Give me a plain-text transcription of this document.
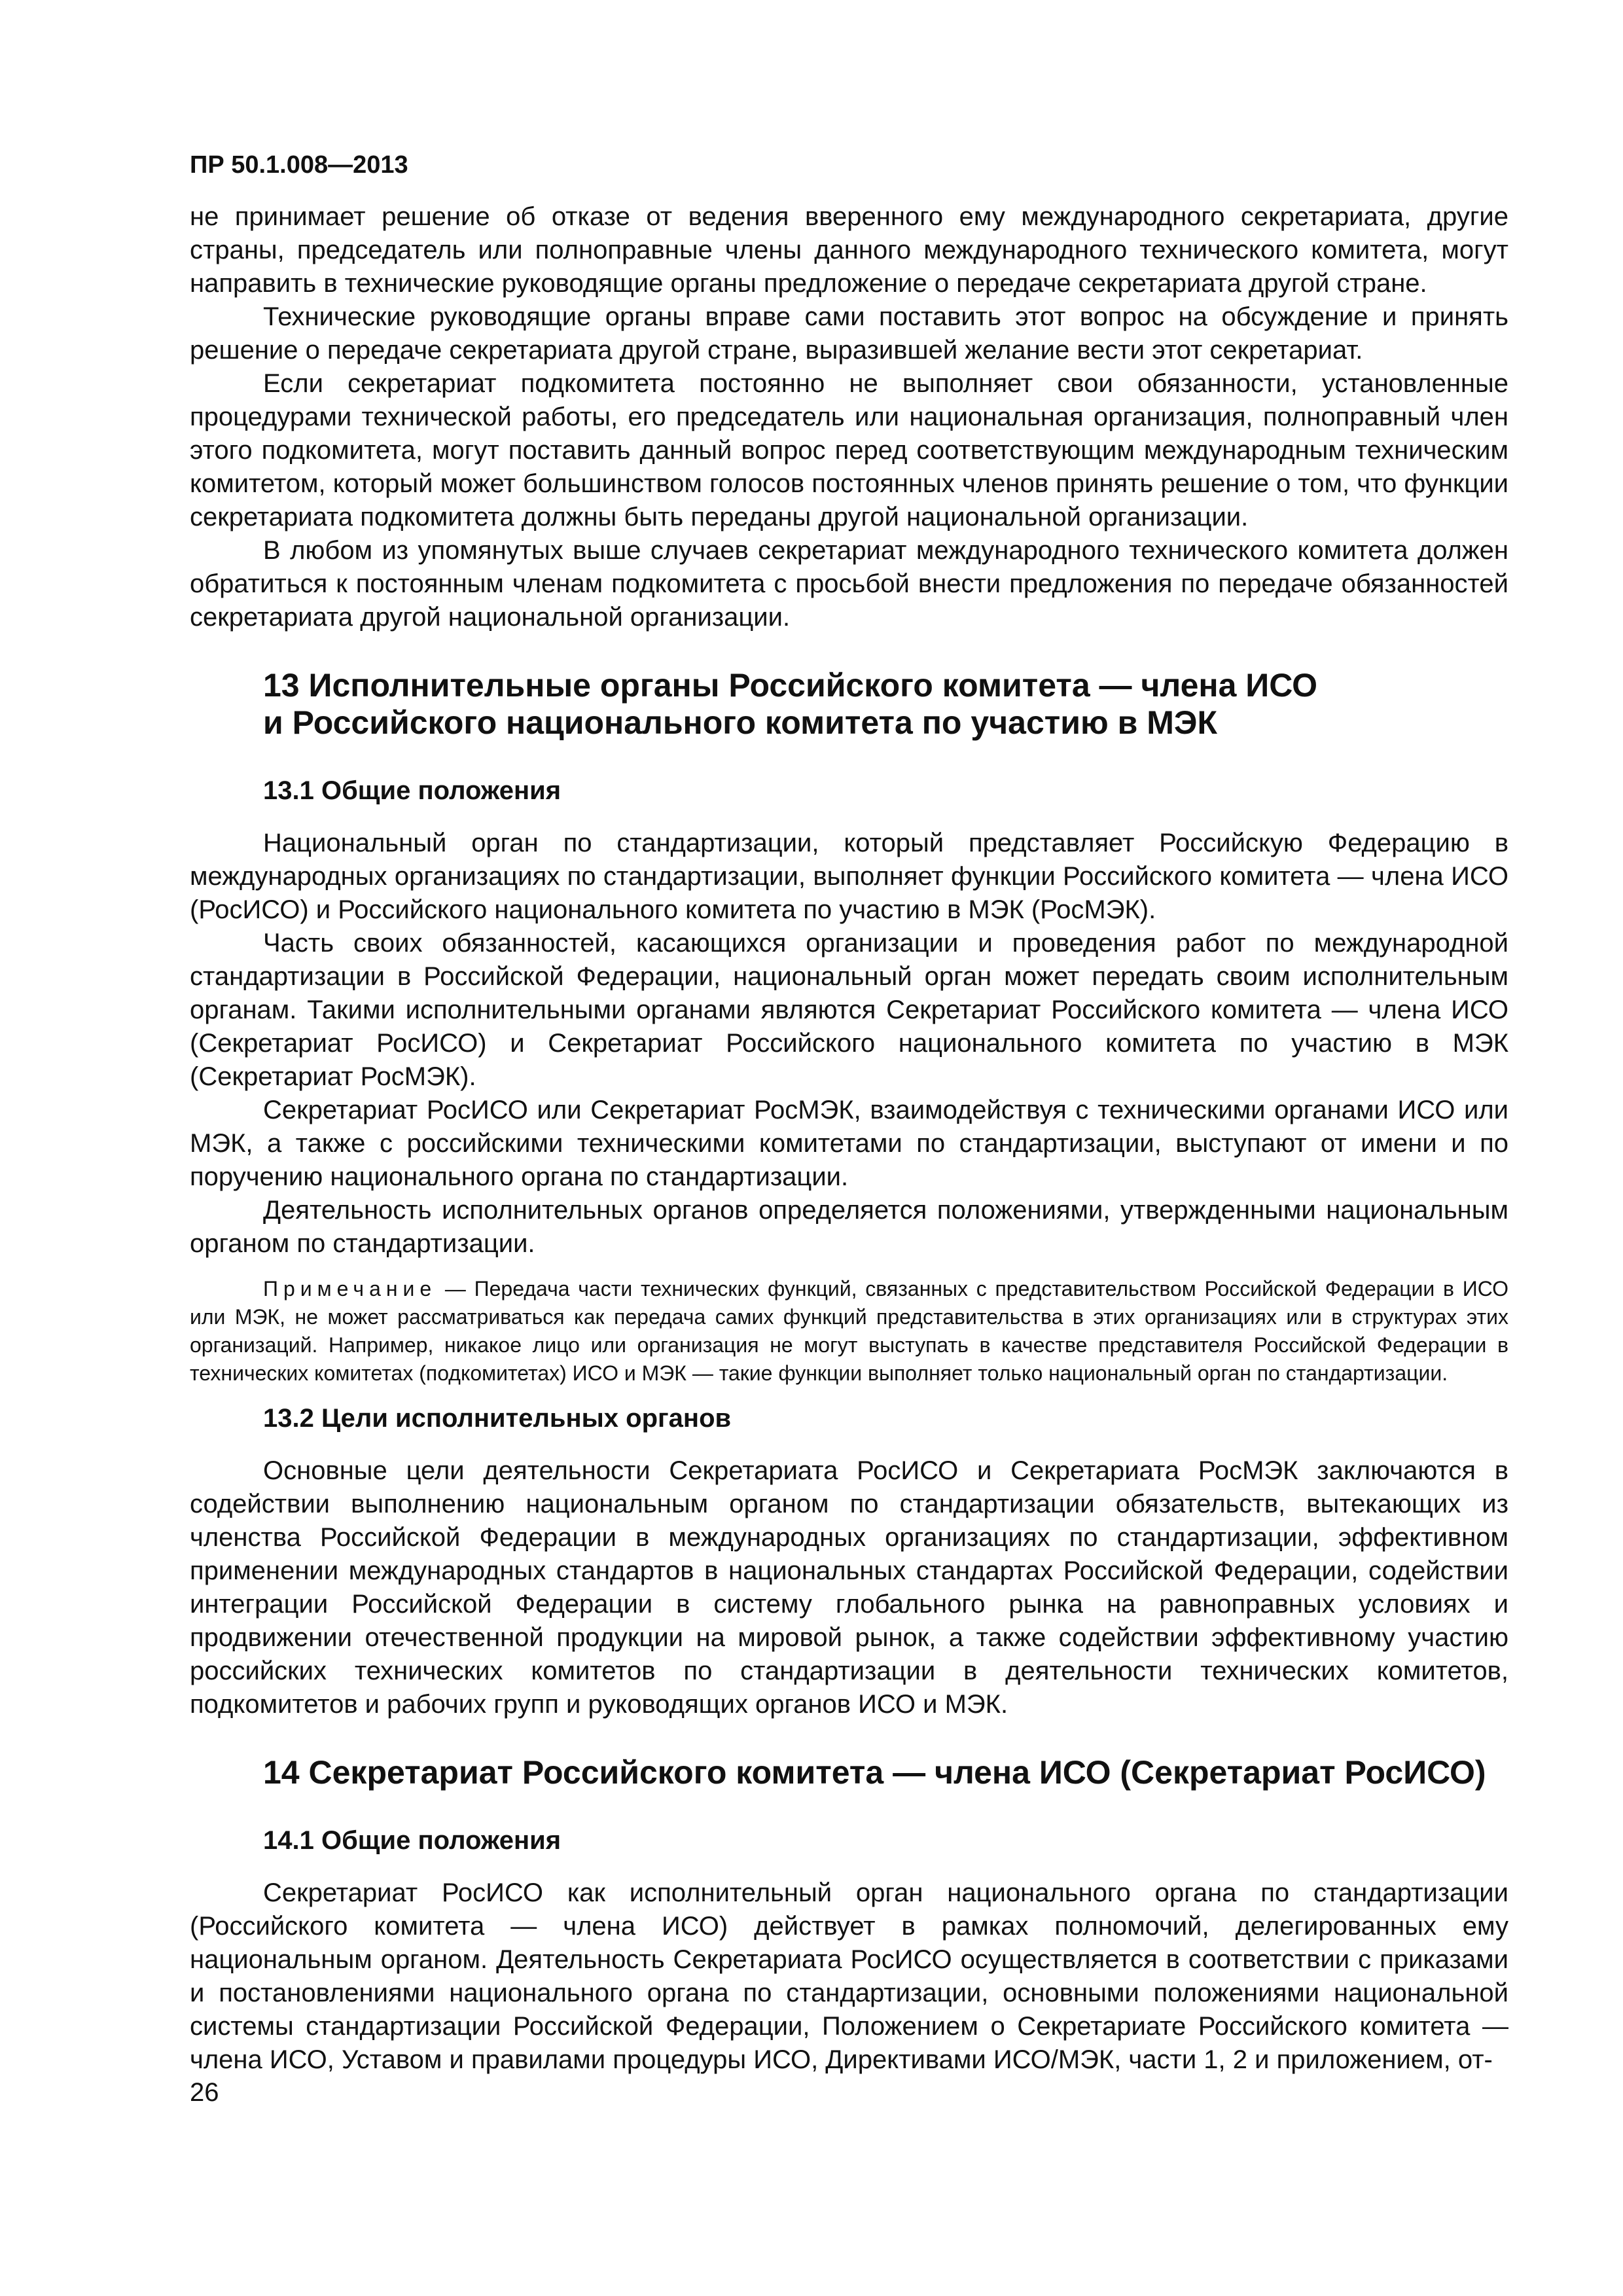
ПР 50.1.008—2013

не принимает решение об отказе от ведения вверенного ему международного секретариата, другие страны, председатель или полноправные члены данного международного технического комитета, могут направить в технические руководящие органы предложение о передаче секретариата другой стране.

Технические руководящие органы вправе сами поставить этот вопрос на обсуждение и принять решение о передаче секретариата другой стране, выразившей желание вести этот секретариат.

Если секретариат подкомитета постоянно не выполняет свои обязанности, установленные процедурами технической работы, его председатель или национальная организация, полноправный член этого подкомитета, могут поставить данный вопрос перед соответствующим международным техническим комитетом, который может большинством голосов постоянных членов принять решение о том, что функции секретариата подкомитета должны быть переданы другой национальной организации.

В любом из упомянутых выше случаев секретариат международного технического комитета должен обратиться к постоянным членам подкомитета с просьбой внести предложения по передаче обязанностей секретариата другой национальной организации.

13 Исполнительные органы Российского комитета — члена ИСО
и Российского национального комитета по участию в МЭК
13.1 Общие положения

Национальный орган по стандартизации, который представляет Российскую Федерацию в международных организациях по стандартизации, выполняет функции Российского комитета — члена ИСО (РосИСО) и Российского национального комитета по участию в МЭК (РосМЭК).

Часть своих обязанностей, касающихся организации и проведения работ по международной стандартизации в Российской Федерации, национальный орган может передать своим исполнительным органам. Такими исполнительными органами являются Секретариат Российского комитета — члена ИСО (Секретариат РосИСО) и Секретариат Российского национального комитета по участию в МЭК (Секретариат РосМЭК).

Секретариат РосИСО или Секретариат РосМЭК, взаимодействуя с техническими органами ИСО или МЭК, а также с российскими техническими комитетами по стандартизации, выступают от имени и по поручению национального органа по стандартизации.

Деятельность исполнительных органов определяется положениями, утвержденными национальным органом по стандартизации.

Примечание — Передача части технических функций, связанных с представительством Российской Федерации в ИСО или МЭК, не может рассматриваться как передача самих функций представительства в этих организациях или в структурах этих организаций. Например, никакое лицо или организация не могут выступать в качестве представителя Российской Федерации в технических комитетах (подкомитетах) ИСО и МЭК — такие функции выполняет только национальный орган по стандартизации.

13.2 Цели исполнительных органов

Основные цели деятельности Секретариата РосИСО и Секретариата РосМЭК заключаются в содействии выполнению национальным органом по стандартизации обязательств, вытекающих из членства Российской Федерации в международных организациях по стандартизации, эффективном применении международных стандартов в национальных стандартах Российской Федерации, содействии интеграции Российской Федерации в систему глобального рынка на равноправных условиях и продвижении отечественной продукции на мировой рынок, а также содействии эффективному участию российских технических комитетов по стандартизации в деятельности технических комитетов, подкомитетов и рабочих групп и руководящих органов ИСО и МЭК.

14 Секретариат Российского комитета — члена ИСО (Секретариат РосИСО)
14.1 Общие положения

Секретариат РосИСО как исполнительный орган национального органа по стандартизации (Российского комитета — члена ИСО) действует в рамках полномочий, делегированных ему национальным органом. Деятельность Секретариата РосИСО осуществляется в соответствии с приказами и постановлениями национального органа по стандартизации, основными положениями национальной системы стандартизации Российской Федерации, Положением о Секретариате Российского комитета — члена ИСО, Уставом и правилами процедуры ИСО, Директивами ИСО/МЭК, части 1, 2 и приложением, от-

26
